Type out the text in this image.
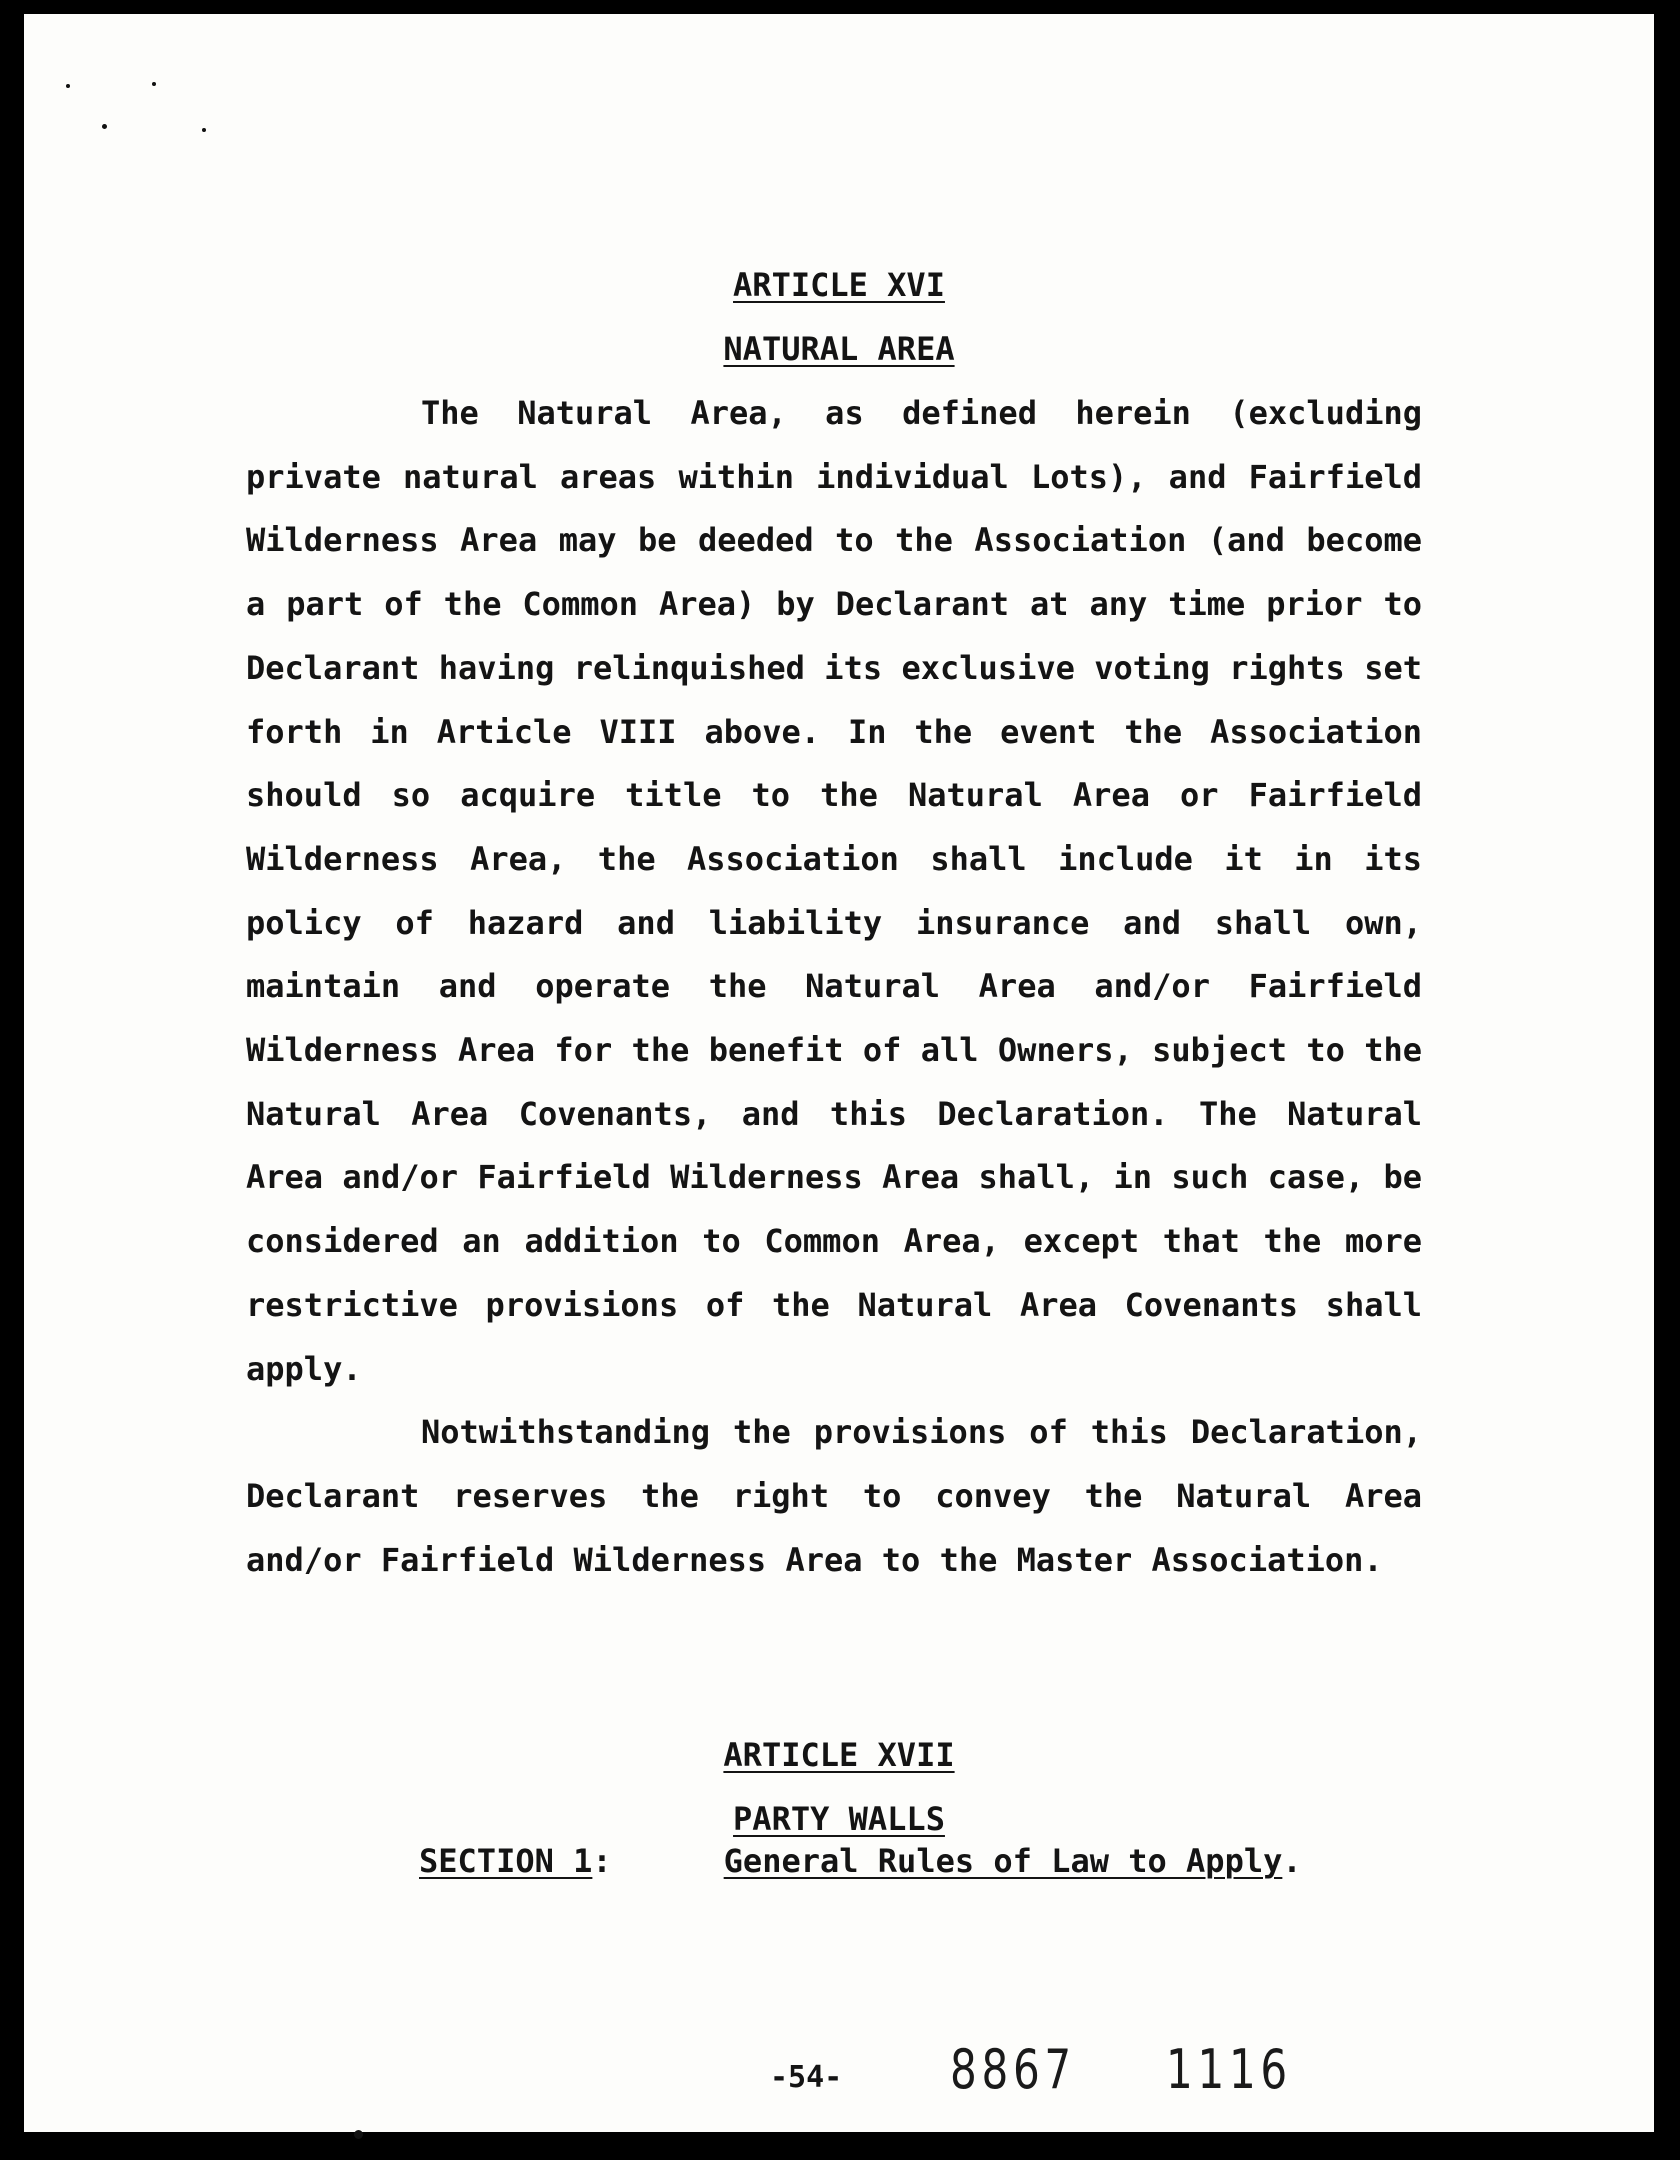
ARTICLE XVI
NATURAL AREA

The Natural Area, as defined herein (excluding private natural areas within individual Lots), and Fairfield Wilderness Area may be deeded to the Association (and become a part of the Common Area) by Declarant at any time prior to Declarant having relinquished its exclusive voting rights set forth in Article VIII above. In the event the Association should so acquire title to the Natural Area or Fairfield Wilderness Area, the Association shall include it in its policy of hazard and liability insurance and shall own, maintain and operate the Natural Area and/or Fairfield Wilderness Area for the benefit of all Owners, subject to the Natural Area Covenants, and this Declaration. The Natural Area and/or Fairfield Wilderness Area shall, in such case, be considered an addition to Common Area, except that the more restrictive provisions of the Natural Area Covenants shall apply.

Notwithstanding the provisions of this Declaration, Declarant reserves the right to convey the Natural Area and/or Fairfield Wilderness Area to the Master Association.

ARTICLE XVII
PARTY WALLS

SECTION 1:	General Rules of Law to Apply.

-54- 8867 1116
